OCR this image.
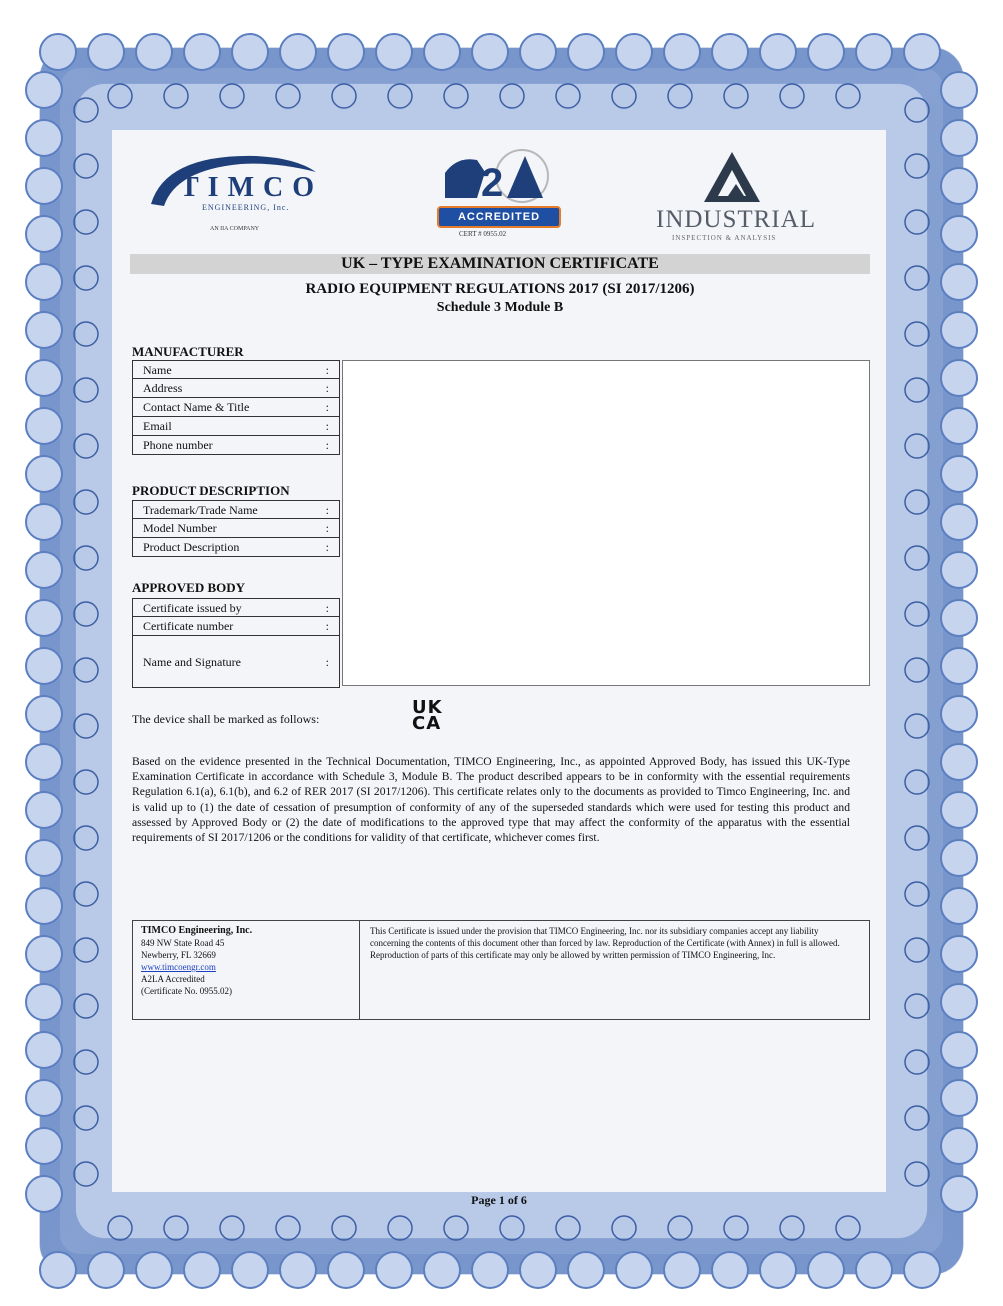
TIMCO
ENGINEERING, Inc.
AN IIA COMPANY
2
ACCREDITED
CERT # 0955.02
INDUSTRIAL
INSPECTION & ANALYSIS
UK – TYPE EXAMINATION CERTIFICATE
RADIO EQUIPMENT REGULATIONS 2017 (SI 2017/1206)
Schedule 3 Module B
MANUFACTURER
Name	:
Address	:
Contact Name & Title	:
Email	:
Phone number	:
PRODUCT DESCRIPTION
Trademark/Trade Name	:
Model Number	:
Product Description	:
APPROVED BODY
Certificate issued by	:
Certificate number	:
Name and Signature	:
The device shall be marked as follows:
UK
CA
Based on the evidence presented in the Technical Documentation, TIMCO Engineering, Inc., as appointed Approved Body, has issued this UK-Type Examination Certificate in accordance with Schedule 3, Module B. The product described appears to be in conformity with the essential requirements Regulation 6.1(a), 6.1(b), and 6.2 of RER 2017 (SI 2017/1206). This certificate relates only to the documents as provided to Timco Engineering, Inc. and is valid up to (1) the date of cessation of presumption of conformity of any of the superseded standards which were used for testing this product and assessed by Approved Body or (2) the date of modifications to the approved type that may affect the conformity of the apparatus with the essential requirements of SI 2017/1206 or the conditions for validity of that certificate, whichever comes first.
TIMCO Engineering, Inc.
849 NW State Road 45
Newberry, FL 32669
www.timcoengr.com
A2LA Accredited
(Certificate No. 0955.02)
This Certificate is issued under the provision that TIMCO Engineering, Inc. nor its subsidiary companies accept any liability concerning the contents of this document other than forced by law. Reproduction of the Certificate (with Annex) in full is allowed. Reproduction of parts of this certificate may only be allowed by written permission of TIMCO Engineering, Inc.
Page 1 of 6
